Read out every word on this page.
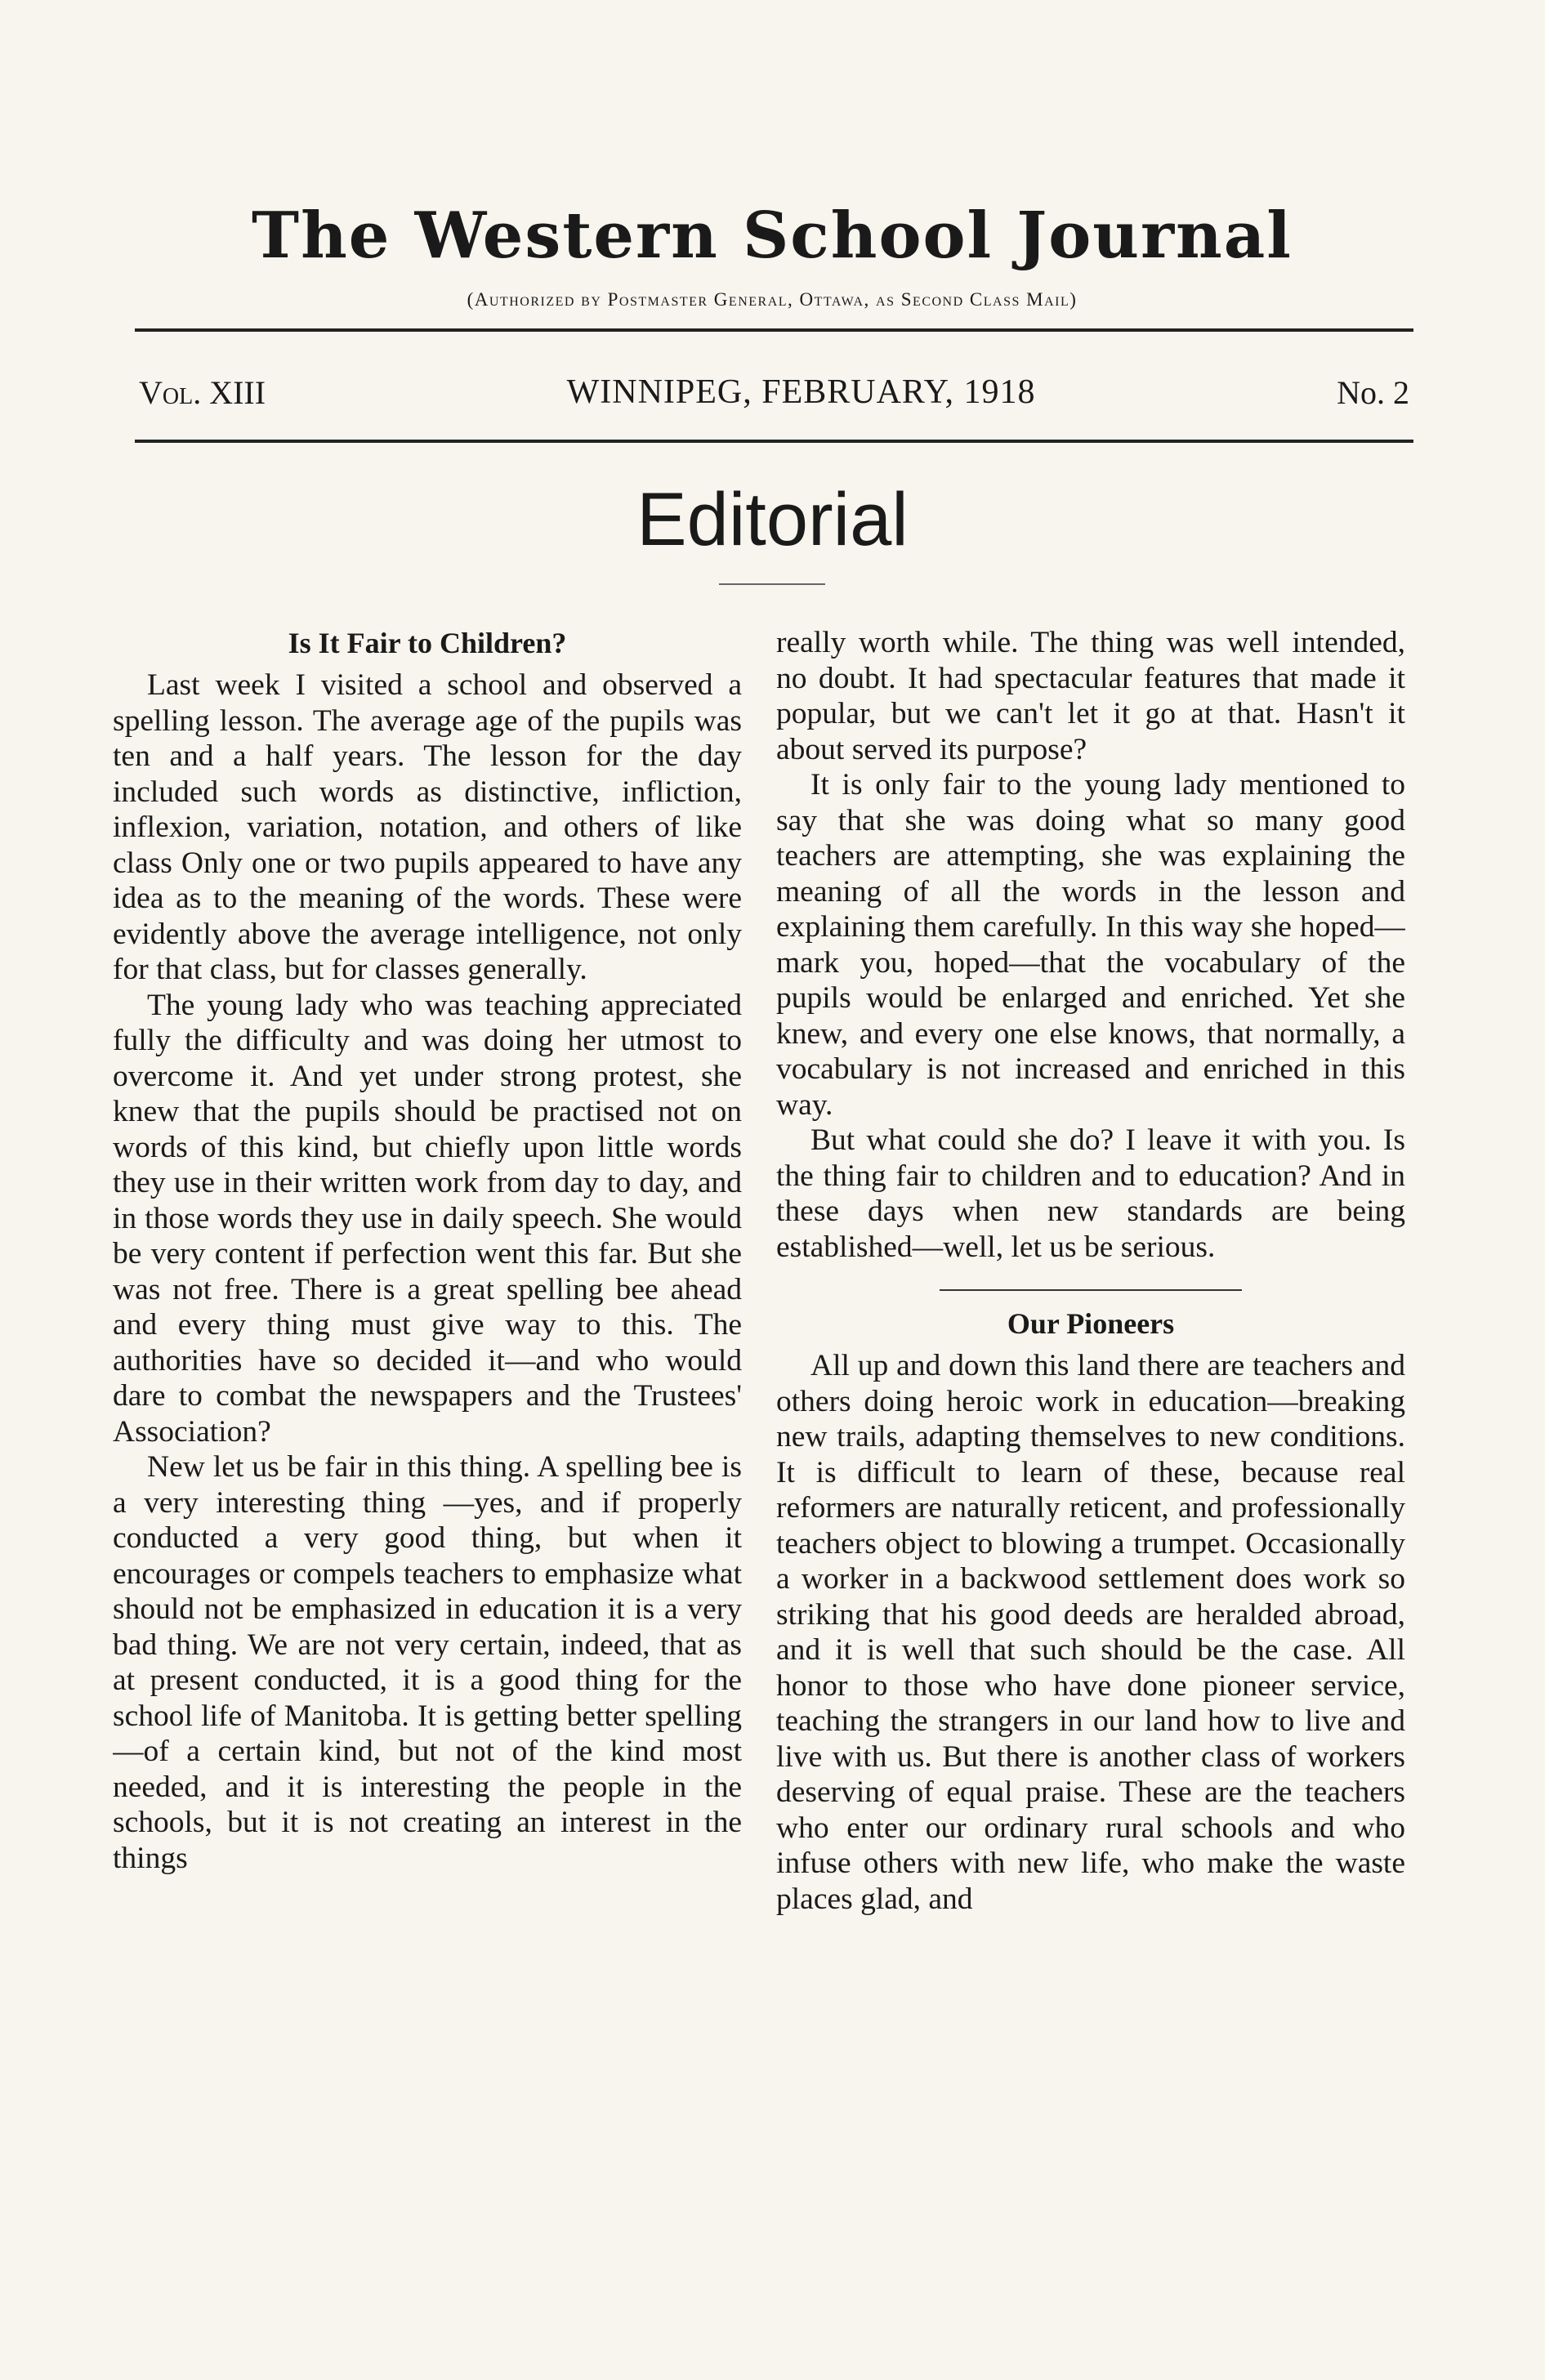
The Western School Journal
(Authorized by Postmaster General, Ottawa, as Second Class Mail)
Vol. XIII	WINNIPEG, FEBRUARY, 1918	No. 2
Editorial
Is It Fair to Children?

Last week I visited a school and observed a spelling lesson. The average age of the pupils was ten and a half years. The lesson for the day included such words as distinctive, infliction, inflexion, variation, notation, and others of like class Only one or two pupils appeared to have any idea as to the meaning of the words. These were evidently above the average intelligence, not only for that class, but for classes generally.

The young lady who was teaching appreciated fully the difficulty and was doing her utmost to overcome it. And yet under strong protest, she knew that the pupils should be practised not on words of this kind, but chiefly upon little words they use in their written work from day to day, and in those words they use in daily speech. She would be very content if perfection went this far. But she was not free. There is a great spelling bee ahead and every thing must give way to this. The authorities have so decided it—and who would dare to combat the newspapers and the Trustees' Association?

New let us be fair in this thing. A spelling bee is a very interesting thing —yes, and if properly conducted a very good thing, but when it encourages or compels teachers to emphasize what should not be emphasized in education it is a very bad thing. We are not very certain, indeed, that as at present conducted, it is a good thing for the school life of Manitoba. It is getting better spelling—of a certain kind, but not of the kind most needed, and it is interesting the people in the schools, but it is not creating an interest in the things

really worth while. The thing was well intended, no doubt. It had spectacular features that made it popular, but we can't let it go at that. Hasn't it about served its purpose?

It is only fair to the young lady mentioned to say that she was doing what so many good teachers are attempting, she was explaining the meaning of all the words in the lesson and explaining them carefully. In this way she hoped—mark you, hoped—that the vocabulary of the pupils would be enlarged and enriched. Yet she knew, and every one else knows, that normally, a vocabulary is not increased and enriched in this way.

But what could she do? I leave it with you. Is the thing fair to children and to education? And in these days when new standards are being established—well, let us be serious.

Our Pioneers

All up and down this land there are teachers and others doing heroic work in education—breaking new trails, adapting themselves to new conditions. It is difficult to learn of these, because real reformers are naturally reticent, and professionally teachers object to blowing a trumpet. Occasionally a worker in a backwood settlement does work so striking that his good deeds are heralded abroad, and it is well that such should be the case. All honor to those who have done pioneer service, teaching the strangers in our land how to live and live with us. But there is another class of workers deserving of equal praise. These are the teachers who enter our ordinary rural schools and who infuse others with new life, who make the waste places glad, and
